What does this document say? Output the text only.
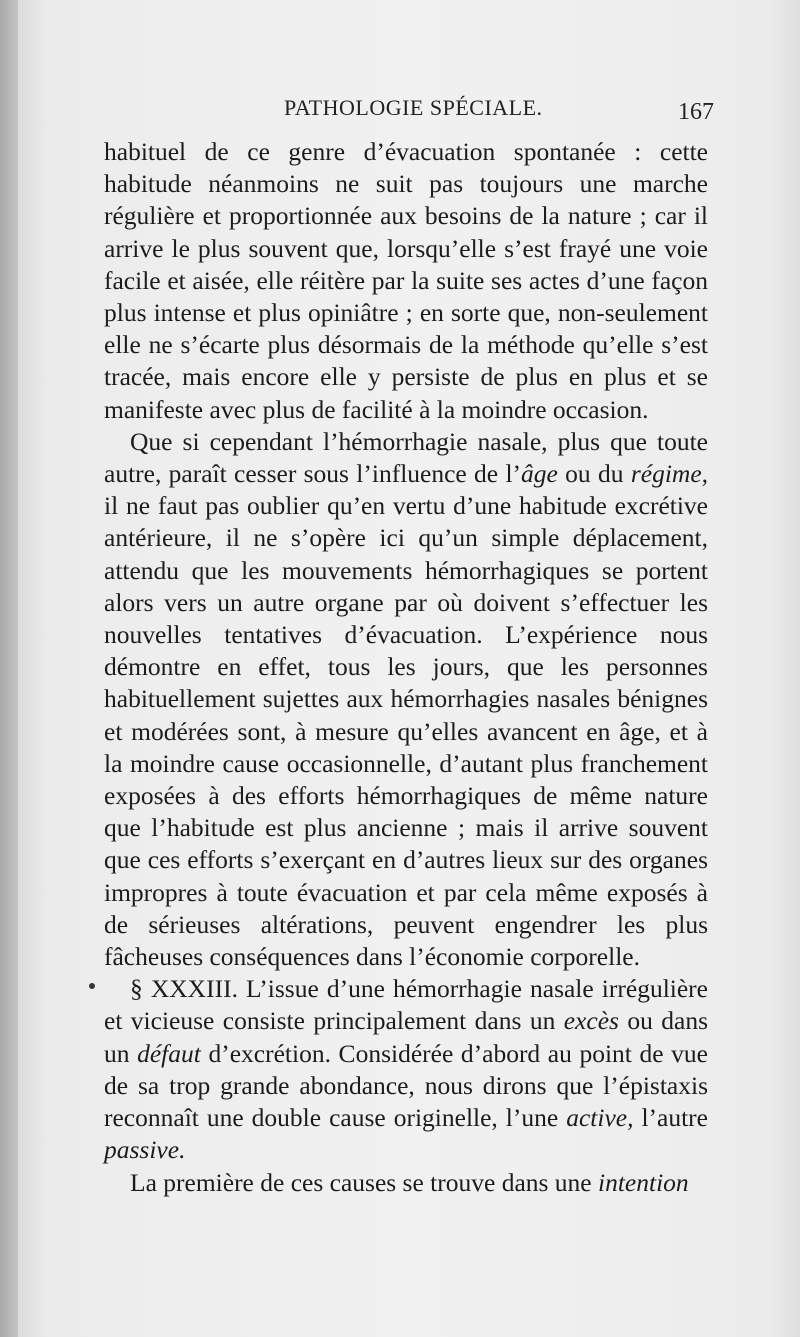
PATHOLOGIE SPÉCIALE.	167

habituel de ce genre d’évacuation spontanée : cette habitude néanmoins ne suit pas toujours une marche régulière et proportionnée aux besoins de la nature ; car il arrive le plus souvent que, lorsqu’elle s’est frayé une voie facile et aisée, elle réitère par la suite ses actes d’une façon plus intense et plus opiniâtre ; en sorte que, non-seulement elle ne s’écarte plus désormais de la méthode qu’elle s’est tracée, mais encore elle y persiste de plus en plus et se manifeste avec plus de facilité à la moindre occasion.

Que si cependant l’hémorrhagie nasale, plus que toute autre, paraît cesser sous l’influence de l’âge ou du régime, il ne faut pas oublier qu’en vertu d’une habitude excrétive antérieure, il ne s’opère ici qu’un simple déplacement, attendu que les mouvements hémorrhagiques se portent alors vers un autre organe par où doivent s’effectuer les nouvelles tentatives d’évacuation. L’expérience nous démontre en effet, tous les jours, que les personnes habituellement sujettes aux hémorrhagies nasales bénignes et modérées sont, à mesure qu’elles avancent en âge, et à la moindre cause occasionnelle, d’autant plus franchement exposées à des efforts hémorrhagiques de même nature que l’habitude est plus ancienne ; mais il arrive souvent que ces efforts s’exerçant en d’autres lieux sur des organes impropres à toute évacuation et par cela même exposés à de sérieuses altérations, peuvent engendrer les plus fâcheuses conséquences dans l’économie corporelle.

§ XXXIII. L’issue d’une hémorrhagie nasale irrégulière et vicieuse consiste principalement dans un excès ou dans un défaut d’excrétion. Considérée d’abord au point de vue de sa trop grande abondance, nous dirons que l’épistaxis reconnaît une double cause originelle, l’une active, l’autre passive.

La première de ces causes se trouve dans une intention
